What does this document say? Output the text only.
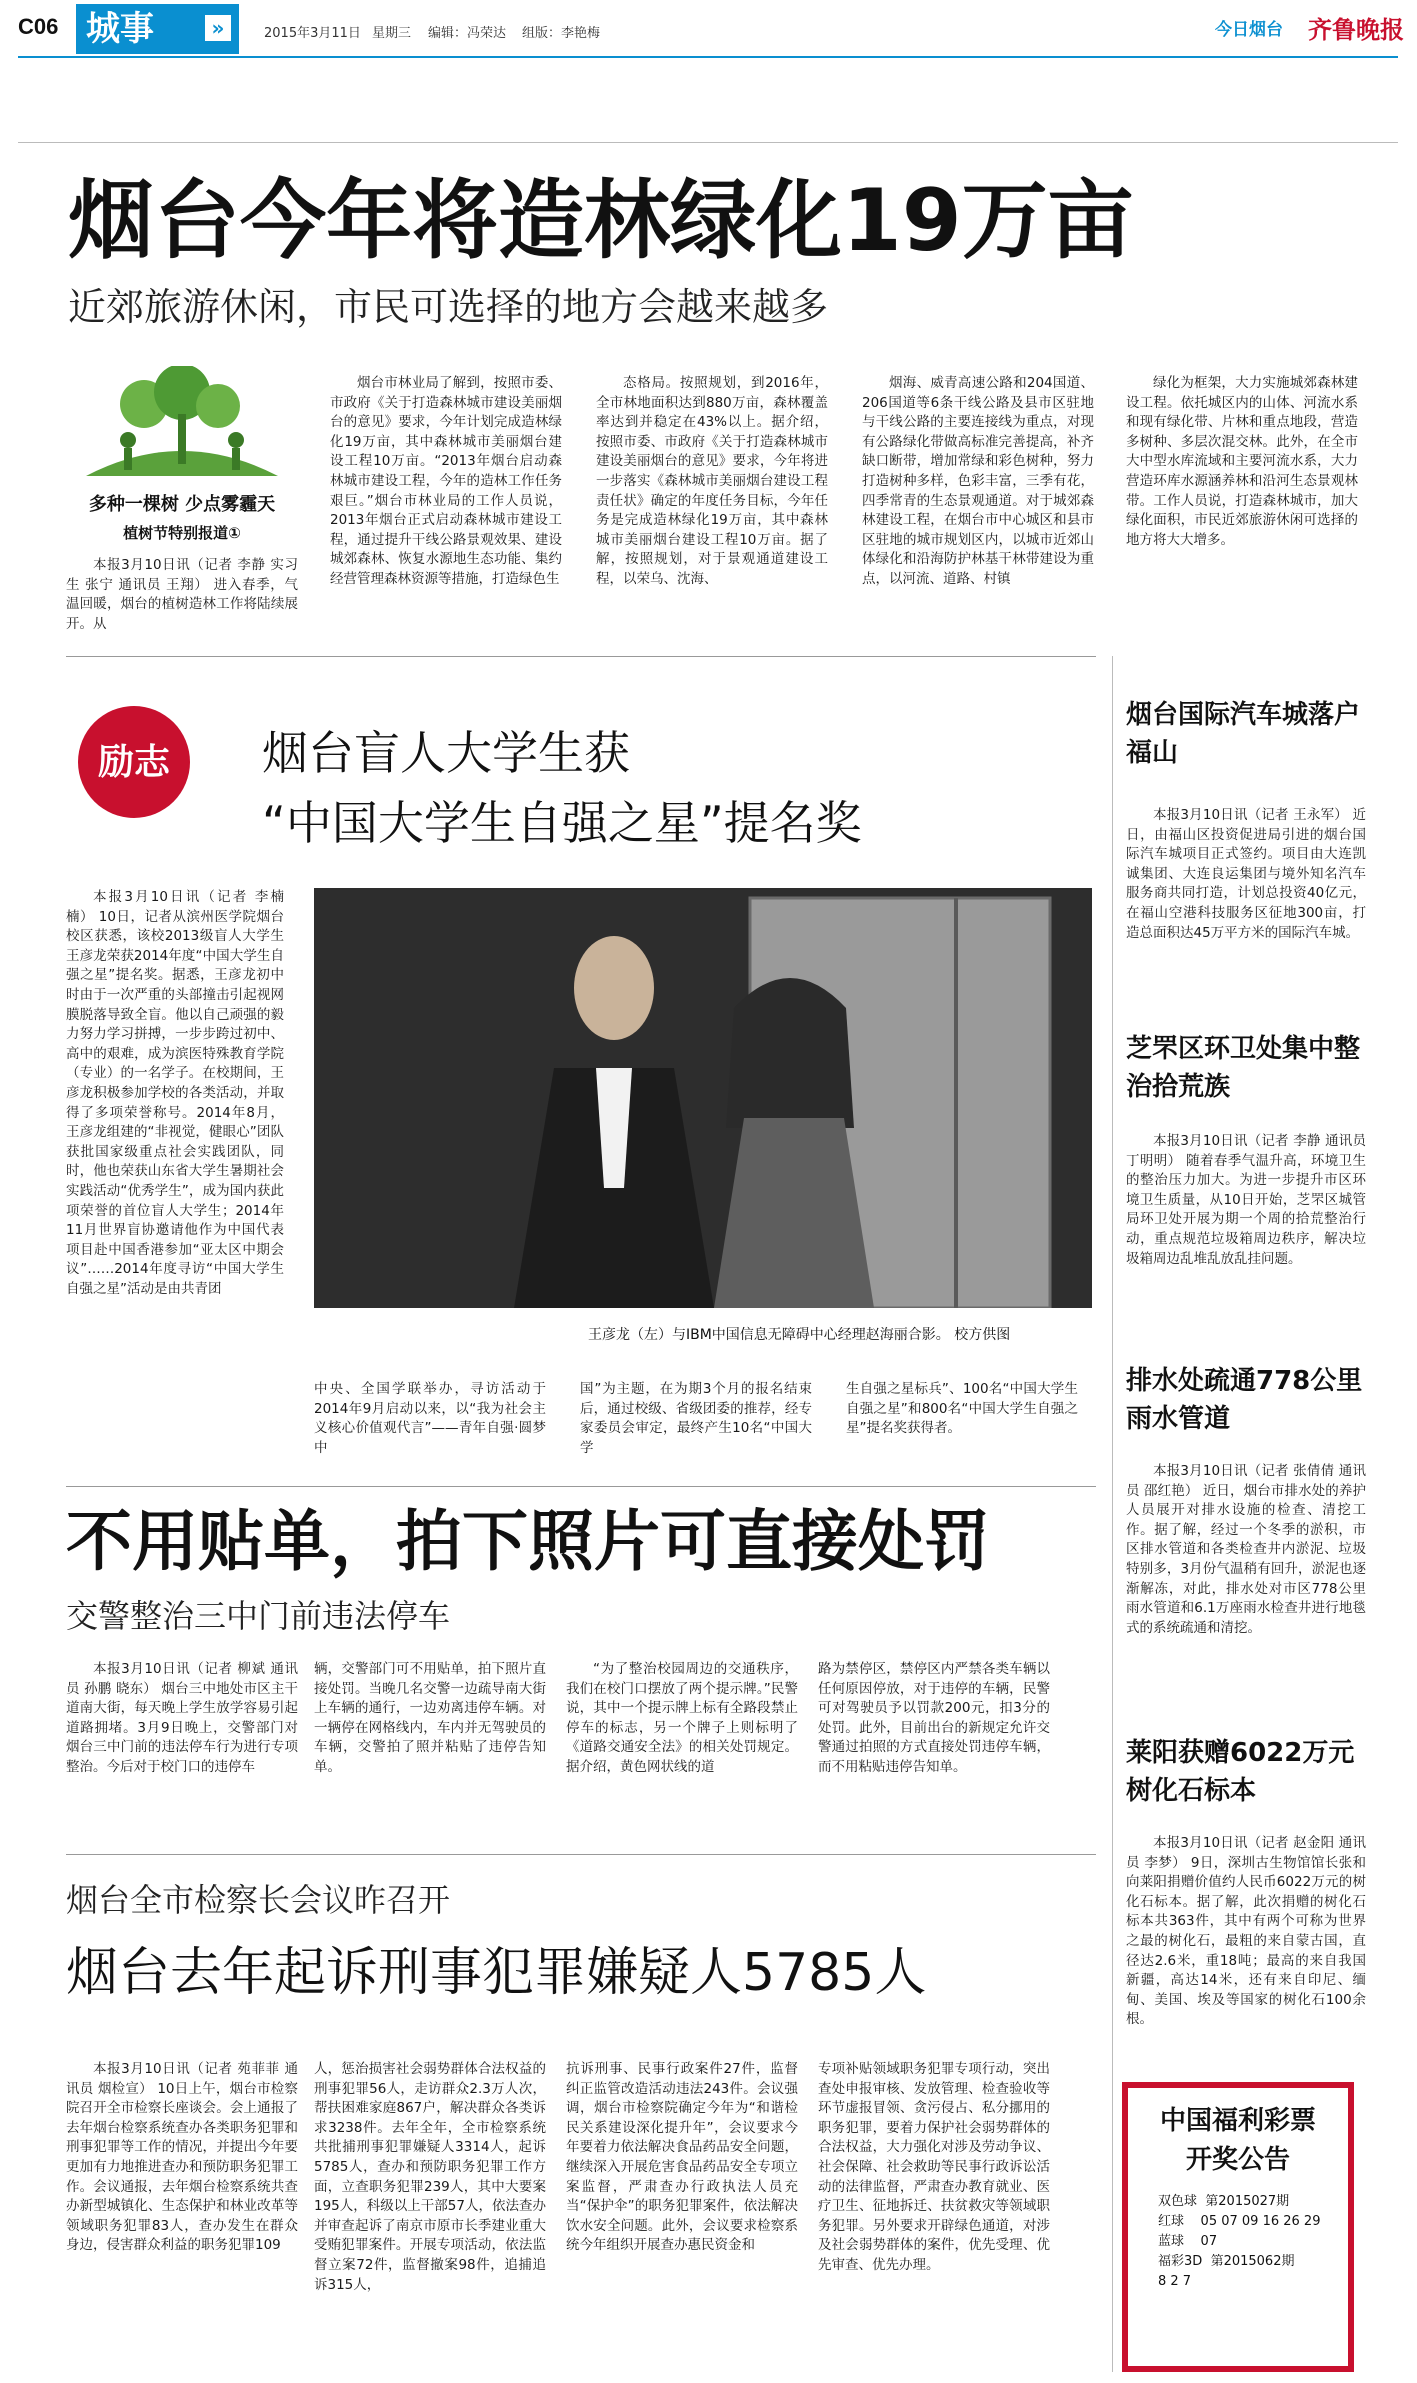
C06 城事	»	2015年3月11日 星期三 编辑：冯荣达 组版：李艳梅	今日烟台 齐鲁晚报
烟台今年将造林绿化19万亩
近郊旅游休闲，市民可选择的地方会越来越多
多种一棵树 少点雾霾天
植树节特别报道①

本报3月10日讯（记者 李静 实习生 张宁 通讯员 王翔） 进入春季，气温回暖，烟台的植树造林工作将陆续展开。从

烟台市林业局了解到，按照市委、市政府《关于打造森林城市建设美丽烟台的意见》要求，今年计划完成造林绿化19万亩，其中森林城市美丽烟台建设工程10万亩。“2013年烟台启动森林城市建设工程，今年的造林工作任务艰巨。”烟台市林业局的工作人员说，2013年烟台正式启动森林城市建设工程，通过提升干线公路景观效果、建设城郊森林、恢复水源地生态功能、集约经营管理森林资源等措施，打造绿色生

态格局。按照规划，到2016年，全市林地面积达到880万亩，森林覆盖率达到并稳定在43%以上。据介绍，按照市委、市政府《关于打造森林城市建设美丽烟台的意见》要求，今年将进一步落实《森林城市美丽烟台建设工程责任状》确定的年度任务目标，今年任务是完成造林绿化19万亩，其中森林城市美丽烟台建设工程10万亩。据了解，按照规划，对于景观通道建设工程，以荣乌、沈海、

烟海、威青高速公路和204国道、206国道等6条干线公路及县市区驻地与干线公路的主要连接线为重点，对现有公路绿化带做高标准完善提高，补齐缺口断带，增加常绿和彩色树种，努力打造树种多样，色彩丰富，三季有花，四季常青的生态景观通道。对于城郊森林建设工程，在烟台市中心城区和县市区驻地的城市规划区内，以城市近郊山体绿化和沿海防护林基干林带建设为重点，以河流、道路、村镇

绿化为框架，大力实施城郊森林建设工程。依托城区内的山体、河流水系和现有绿化带、片林和重点地段，营造多树种、多层次混交林。此外，在全市大中型水库流域和主要河流水系，大力营造环库水源涵养林和沿河生态景观林带。工作人员说，打造森林城市，加大绿化面积，市民近郊旅游休闲可选择的地方将大大增多。

励志	烟台盲人大学生获
“中国大学生自强之星”提名奖

本报3月10日讯（记者 李楠楠） 10日，记者从滨州医学院烟台校区获悉，该校2013级盲人大学生王彦龙荣获2014年度“中国大学生自强之星”提名奖。据悉，王彦龙初中时由于一次严重的头部撞击引起视网膜脱落导致全盲。他以自己顽强的毅力努力学习拼搏，一步步跨过初中、高中的艰难，成为滨医特殊教育学院（专业）的一名学子。在校期间，王彦龙积极参加学校的各类活动，并取得了多项荣誉称号。2014年8月，王彦龙组建的“非视觉，健眼心”团队获批国家级重点社会实践团队，同时，他也荣获山东省大学生暑期社会实践活动“优秀学生”，成为国内获此项荣誉的首位盲人大学生；2014年11月世界盲协邀请他作为中国代表项目赴中国香港参加“亚太区中期会议”……2014年度寻访“中国大学生自强之星”活动是由共青团

王彦龙（左）与IBM中国信息无障碍中心经理赵海丽合影。 校方供图

中央、全国学联举办，寻访活动于2014年9月启动以来，以“我为社会主义核心价值观代言”——青年自强·圆梦中

国”为主题，在为期3个月的报名结束后，通过校级、省级团委的推荐，经专家委员会审定，最终产生10名“中国大学

生自强之星标兵”、100名“中国大学生自强之星”和800名“中国大学生自强之星”提名奖获得者。

不用贴单，拍下照片可直接处罚
交警整治三中门前违法停车

本报3月10日讯（记者 柳斌 通讯员 孙鹏 晓东） 烟台三中地处市区主干道南大街，每天晚上学生放学容易引起道路拥堵。3月9日晚上，交警部门对烟台三中门前的违法停车行为进行专项整治。今后对于校门口的违停车

辆，交警部门可不用贴单，拍下照片直接处罚。当晚几名交警一边疏导南大街上车辆的通行，一边劝离违停车辆。对一辆停在网格线内，车内并无驾驶员的车辆，交警拍了照并粘贴了违停告知单。

“为了整治校园周边的交通秩序，我们在校门口摆放了两个提示牌。”民警说，其中一个提示牌上标有全路段禁止停车的标志，另一个牌子上则标明了《道路交通安全法》的相关处罚规定。据介绍，黄色网状线的道

路为禁停区，禁停区内严禁各类车辆以任何原因停放，对于违停的车辆，民警可对驾驶员予以罚款200元，扣3分的处罚。此外，目前出台的新规定允许交警通过拍照的方式直接处罚违停车辆，而不用粘贴违停告知单。

烟台全市检察长会议昨召开
烟台去年起诉刑事犯罪嫌疑人5785人

本报3月10日讯（记者 苑菲菲 通讯员 烟检宣） 10日上午，烟台市检察院召开全市检察长座谈会。会上通报了去年烟台检察系统查办各类职务犯罪和刑事犯罪等工作的情况，并提出今年要更加有力地推进查办和预防职务犯罪工作。会议通报，去年烟台检察系统共查办新型城镇化、生态保护和林业改革等领域职务犯罪83人，查办发生在群众身边，侵害群众利益的职务犯罪109

人，惩治损害社会弱势群体合法权益的刑事犯罪56人，走访群众2.3万人次，帮扶困难家庭867户，解决群众各类诉求3238件。去年全年，全市检察系统共批捕刑事犯罪嫌疑人3314人，起诉5785人，查办和预防职务犯罪工作方面，立查职务犯罪239人，其中大要案195人，科级以上干部57人，依法查办并审查起诉了南京市原市长季建业重大受贿犯罪案件。开展专项活动，依法监督立案72件，监督撤案98件，追捕追诉315人，

抗诉刑事、民事行政案件27件，监督纠正监管改造活动违法243件。会议强调，烟台市检察院确定今年为“和谐检民关系建设深化提升年”，会议要求今年要着力依法解决食品药品安全问题，继续深入开展危害食品药品安全专项立案监督，严肃查办行政执法人员充当“保护伞”的职务犯罪案件，依法解决饮水安全问题。此外，会议要求检察系统今年组织开展查办惠民资金和

专项补贴领域职务犯罪专项行动，突出查处申报审核、发放管理、检查验收等环节虚报冒领、贪污侵占、私分挪用的职务犯罪，要着力保护社会弱势群体的合法权益，大力强化对涉及劳动争议、社会保障、社会救助等民事行政诉讼活动的法律监督，严肃查办教育就业、医疗卫生、征地拆迁、扶贫救灾等领域职务犯罪。另外要求开辟绿色通道，对涉及社会弱势群体的案件，优先受理、优先审查、优先办理。

烟台国际汽车城落户福山

本报3月10日讯（记者 王永军） 近日，由福山区投资促进局引进的烟台国际汽车城项目正式签约。项目由大连凯诚集团、大连良运集团与境外知名汽车服务商共同打造，计划总投资40亿元，在福山空港科技服务区征地300亩，打造总面积达45万平方米的国际汽车城。

芝罘区环卫处集中整治拾荒族

本报3月10日讯（记者 李静 通讯员 丁明明） 随着春季气温升高，环境卫生的整治压力加大。为进一步提升市区环境卫生质量，从10日开始，芝罘区城管局环卫处开展为期一个周的拾荒整治行动，重点规范垃圾箱周边秩序，解决垃圾箱周边乱堆乱放乱挂问题。

排水处疏通778公里雨水管道

本报3月10日讯（记者 张倩倩 通讯员 邵红艳） 近日，烟台市排水处的养护人员展开对排水设施的检查、清挖工作。据了解，经过一个冬季的淤积，市区排水管道和各类检查井内淤泥、垃圾特别多，3月份气温稍有回升，淤泥也逐渐解冻，对此，排水处对市区778公里雨水管道和6.1万座雨水检查井进行地毯式的系统疏通和清挖。

莱阳获赠6022万元树化石标本

本报3月10日讯（记者 赵金阳 通讯员 李梦） 9日，深圳古生物馆馆长张和向莱阳捐赠价值约人民币6022万元的树化石标本。据了解，此次捐赠的树化石标本共363件，其中有两个可称为世界之最的树化石，最粗的来自蒙古国，直径达2.6米，重18吨；最高的来自我国新疆，高达14米，还有来自印尼、缅甸、美国、埃及等国家的树化石100余根。

中国福利彩票
开奖公告
双色球 第2015027期
红球 05 07 09 16 26 29
蓝球 07
福彩3D 第2015062期
8 2 7
